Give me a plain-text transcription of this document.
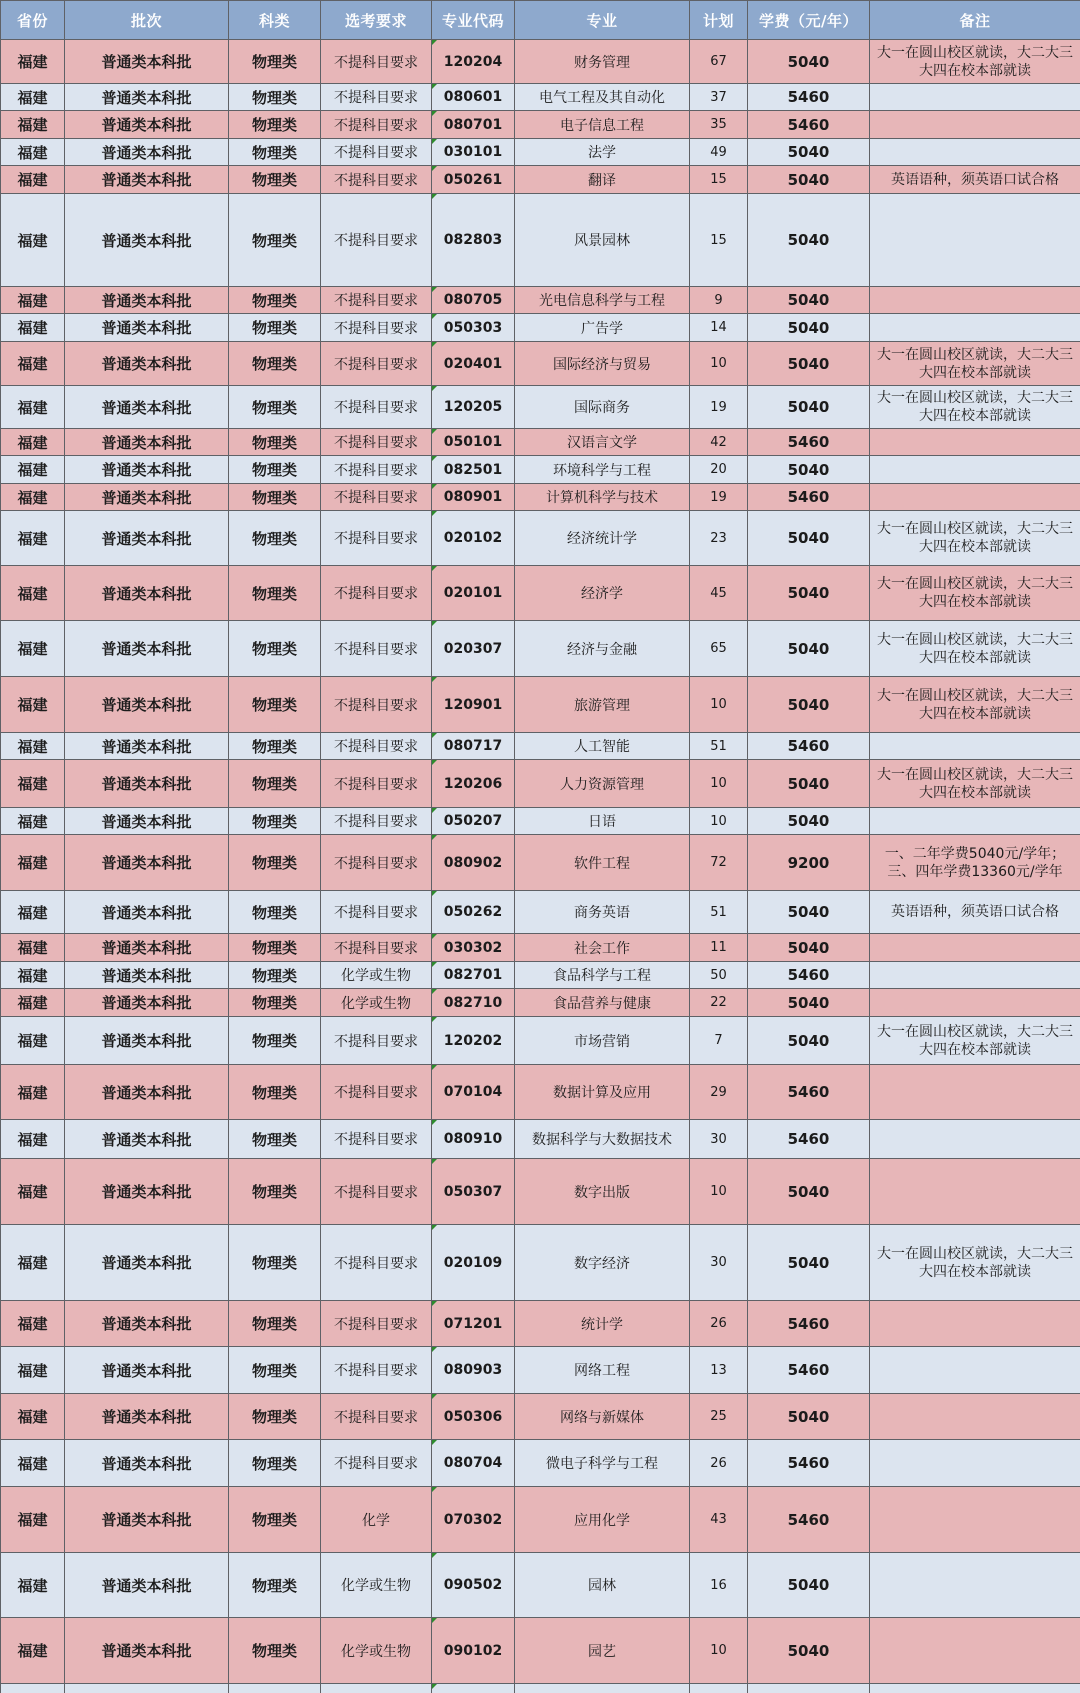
省份	批次	科类	选考要求	专业代码	专业	计划	学费（元/年）	备注
福建	普通类本科批	物理类	不提科目要求	120204	财务管理	67	5040	大一在圆山校区就读，大二大三大四在校本部就读
福建	普通类本科批	物理类	不提科目要求	080601	电气工程及其自动化	37	5460	
福建	普通类本科批	物理类	不提科目要求	080701	电子信息工程	35	5460	
福建	普通类本科批	物理类	不提科目要求	030101	法学	49	5040	
福建	普通类本科批	物理类	不提科目要求	050261	翻译	15	5040	英语语种，须英语口试合格
福建	普通类本科批	物理类	不提科目要求	082803	风景园林	15	5040	
福建	普通类本科批	物理类	不提科目要求	080705	光电信息科学与工程	9	5040	
福建	普通类本科批	物理类	不提科目要求	050303	广告学	14	5040	
福建	普通类本科批	物理类	不提科目要求	020401	国际经济与贸易	10	5040	大一在圆山校区就读，大二大三大四在校本部就读
福建	普通类本科批	物理类	不提科目要求	120205	国际商务	19	5040	大一在圆山校区就读，大二大三大四在校本部就读
福建	普通类本科批	物理类	不提科目要求	050101	汉语言文学	42	5460	
福建	普通类本科批	物理类	不提科目要求	082501	环境科学与工程	20	5040	
福建	普通类本科批	物理类	不提科目要求	080901	计算机科学与技术	19	5460	
福建	普通类本科批	物理类	不提科目要求	020102	经济统计学	23	5040	大一在圆山校区就读，大二大三大四在校本部就读
福建	普通类本科批	物理类	不提科目要求	020101	经济学	45	5040	大一在圆山校区就读，大二大三大四在校本部就读
福建	普通类本科批	物理类	不提科目要求	020307	经济与金融	65	5040	大一在圆山校区就读，大二大三大四在校本部就读
福建	普通类本科批	物理类	不提科目要求	120901	旅游管理	10	5040	大一在圆山校区就读，大二大三大四在校本部就读
福建	普通类本科批	物理类	不提科目要求	080717	人工智能	51	5460	
福建	普通类本科批	物理类	不提科目要求	120206	人力资源管理	10	5040	大一在圆山校区就读，大二大三大四在校本部就读
福建	普通类本科批	物理类	不提科目要求	050207	日语	10	5040	
福建	普通类本科批	物理类	不提科目要求	080902	软件工程	72	9200	一、二年学费5040元/学年；三、四年学费13360元/学年
福建	普通类本科批	物理类	不提科目要求	050262	商务英语	51	5040	英语语种，须英语口试合格
福建	普通类本科批	物理类	不提科目要求	030302	社会工作	11	5040	
福建	普通类本科批	物理类	化学或生物	082701	食品科学与工程	50	5460	
福建	普通类本科批	物理类	化学或生物	082710	食品营养与健康	22	5040	
福建	普通类本科批	物理类	不提科目要求	120202	市场营销	7	5040	大一在圆山校区就读，大二大三大四在校本部就读
福建	普通类本科批	物理类	不提科目要求	070104	数据计算及应用	29	5460	
福建	普通类本科批	物理类	不提科目要求	080910	数据科学与大数据技术	30	5460	
福建	普通类本科批	物理类	不提科目要求	050307	数字出版	10	5040	
福建	普通类本科批	物理类	不提科目要求	020109	数字经济	30	5040	大一在圆山校区就读，大二大三大四在校本部就读
福建	普通类本科批	物理类	不提科目要求	071201	统计学	26	5460	
福建	普通类本科批	物理类	不提科目要求	080903	网络工程	13	5460	
福建	普通类本科批	物理类	不提科目要求	050306	网络与新媒体	25	5040	
福建	普通类本科批	物理类	不提科目要求	080704	微电子科学与工程	26	5460	
福建	普通类本科批	物理类	化学	070302	应用化学	43	5460	
福建	普通类本科批	物理类	化学或生物	090502	园林	16	5040	
福建	普通类本科批	物理类	化学或生物	090102	园艺	10	5040	
